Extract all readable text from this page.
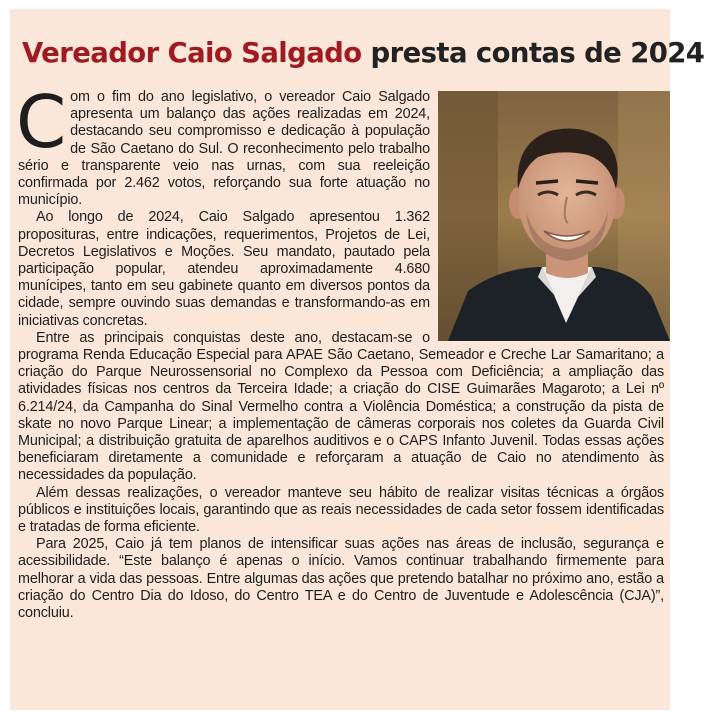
Vereador Caio Salgado presta contas de 2024

Com o fim do ano legislativo, o vereador Caio Salgado apresenta um balanço das ações realizadas em 2024, destacando seu compromisso e dedicação à população de São Caetano do Sul. O reconhecimento pelo trabalho sério e transparente veio nas urnas, com sua reeleição confirmada por 2.462 votos, reforçando sua forte atuação no município.

Ao longo de 2024, Caio Salgado apresentou 1.362 proposituras, entre indicações, requerimentos, Projetos de Lei, Decretos Legislativos e Moções. Seu mandato, pautado pela participação popular, atendeu aproximadamente 4.680 munícipes, tanto em seu gabinete quanto em diversos pontos da cidade, sempre ouvindo suas demandas e transformando-as em iniciativas concretas.

Entre as principais conquistas deste ano, destacam-se o programa Renda Educação Especial para APAE São Caetano, Semeador e Creche Lar Samaritano; a criação do Parque Neurossensorial no Complexo da Pessoa com Deficiência; a ampliação das atividades físicas nos centros da Terceira Idade; a criação do CISE Guimarães Magaroto; a Lei nº 6.214/24, da Campanha do Sinal Vermelho contra a Violência Doméstica; a construção da pista de skate no novo Parque Linear; a implementação de câmeras corporais nos coletes da Guarda Civil Municipal; a distribuição gratuita de aparelhos auditivos e o CAPS Infanto Juvenil. Todas essas ações beneficiaram diretamente a comunidade e reforçaram a atuação de Caio no atendimento às necessidades da população.

Além dessas realizações, o vereador manteve seu hábito de realizar visitas técnicas a órgãos públicos e instituições locais, garantindo que as reais necessidades de cada setor fossem identificadas e tratadas de forma eficiente.

Para 2025, Caio já tem planos de intensificar suas ações nas áreas de inclusão, segurança e acessibilidade. “Este balanço é apenas o início. Vamos continuar trabalhando firmemente para melhorar a vida das pessoas. Entre algumas das ações que pretendo batalhar no próximo ano, estão a criação do Centro Dia do Idoso, do Centro TEA e do Centro de Juventude e Adolescência (CJA)”, concluiu.
